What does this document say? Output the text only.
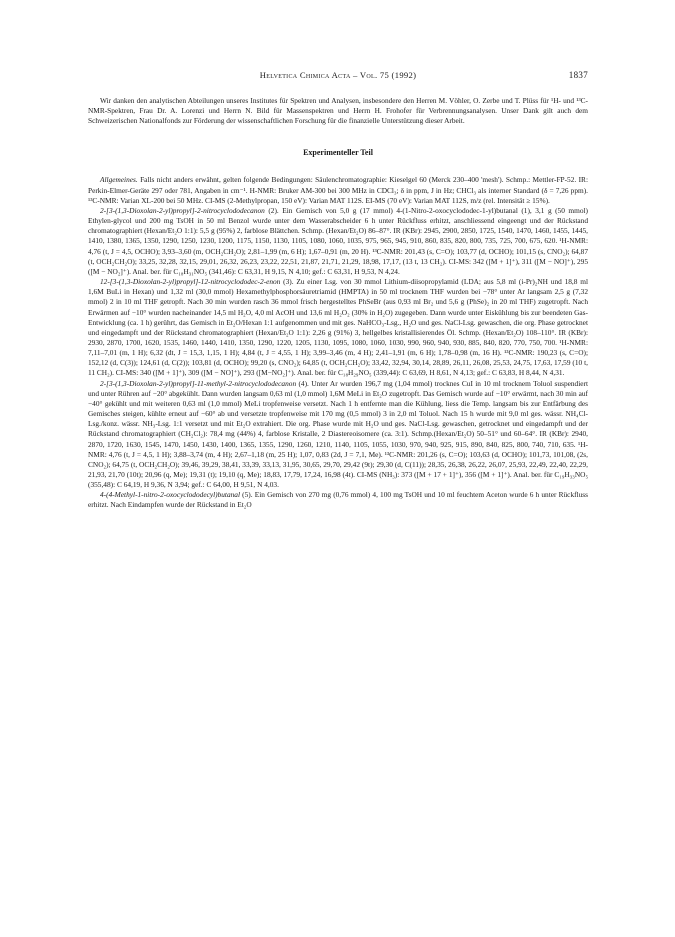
Helvetica Chimica Acta – Vol. 75 (1992)	1837

Wir danken den analytischen Abteilungen unseres Institutes für Spektren und Analysen, insbesondere den Herren M. Vöhler, O. Zerbe und T. Plüss für ¹H- und ¹³C-NMR-Spektren, Frau Dr. A. Lorenzi und Herrn N. Bild für Massenspektren und Herrn H. Frohofer für Verbrennungsanalysen. Unser Dank gilt auch dem Schweizerischen Nationalfonds zur Förderung der wissenschaftlichen Forschung für die finanzielle Unterstützung dieser Arbeit.

Experimenteller Teil

Allgemeines. Falls nicht anders erwähnt, gelten folgende Bedingungen: Säulenchromatographie: Kieselgel 60 (Merck 230–400 'mesh'). Schmp.: Mettler-FP-52. IR: Perkin-Elmer-Geräte 297 oder 781, Angaben in cm⁻¹. H-NMR: Bruker AM-300 bei 300 MHz in CDCl₃; δ in ppm, J in Hz; CHCl₃ als interner Standard (δ = 7,26 ppm). ¹³C-NMR: Varian XL-200 bei 50 MHz. CI-MS (2-Methylpropan, 150 eV): Varian MAT 112S. EI-MS (70 eV): Varian MAT 112S, m/z (rel. Intensität ≥ 15%).

2-[3-(1,3-Dioxolan-2-yl)propyl]-2-nitrocyclododecanon (2). Ein Gemisch von 5,0 g (17 mmol) 4-(1-Nitro-2-oxocyclododec-1-yl)butanal (1), 3,1 g (50 mmol) Ethylen-glycol und 200 mg TsOH in 50 ml Benzol wurde unter dem Wasserabscheider 6 h unter Rückfluss erhitzt, anschliessend eingeengt und der Rückstand chromatographiert (Hexan/Et₂O 1:1): 5,5 g (95%) 2, farblose Blättchen. Schmp. (Hexan/Et₂O) 86–87°. IR (KBr): 2945, 2900, 2850, 1725, 1540, 1470, 1460, 1455, 1445, 1410, 1380, 1365, 1350, 1290, 1250, 1230, 1200, 1175, 1150, 1130, 1105, 1080, 1060, 1035, 975, 965, 945, 910, 860, 835, 820, 800, 735, 725, 700, 675, 620. ¹H-NMR: 4,76 (t, J = 4,5, OCHO); 3,93–3,60 (m, OCH₂CH₂O); 2,81–1,99 (m, 6 H); 1,67–0,91 (m, 20 H). ¹³C-NMR: 201,43 (s, C=O); 103,77 (d, OCHO); 101,15 (s, CNO₂); 64,87 (t, OCH₂CH₂O); 33,25, 32,28, 32,15, 29,01, 26,32, 26,23, 23,22, 22,51, 21,87, 21,71, 21,29, 18,98, 17,17, (13 t, 13 CH₂). CI-MS: 342 ([M + 1]⁺), 311 ([M − NO]⁺), 295 ([M − NO₂]⁺). Anal. ber. für C₁₈H₃₁NO₅ (341,46): C 63,31, H 9,15, N 4,10; gef.: C 63,31, H 9,53, N 4,24.

12-[3-(1,3-Dioxolan-2-yl)propyl]-12-nitrocyclododec-2-enon (3). Zu einer Lsg. von 30 mmol Lithium-diisopropylamid (LDA; aus 5,8 ml (i-Pr)₂NH und 18,8 ml 1,6M BuLi in Hexan) und 1,32 ml (30,0 mmol) Hexamethylphosphorsäuretriamid (HMPTA) in 50 ml trocknem THF wurden bei −78° unter Ar langsam 2,5 g (7,32 mmol) 2 in 10 ml THF getropft. Nach 30 min wurden rasch 36 mmol frisch hergestelltes PhSeBr (aus 0,93 ml Br₂ und 5,6 g (PhSe)₂ in 20 ml THF) zugetropft. Nach Erwärmen auf −10° wurden nacheinander 14,5 ml H₂O, 4,0 ml AcOH und 13,6 ml H₂O₂ (30% in H₂O) zugegeben. Dann wurde unter Eiskühlung bis zur beendeten Gas-Entwicklung (ca. 1 h) gerührt, das Gemisch in Et₂O/Hexan 1:1 aufgenommen und mit ges. NaHCO₃-Lsg., H₂O und ges. NaCl-Lsg. gewaschen, die org. Phase getrocknet und eingedampft und der Rückstand chromatographiert (Hexan/Et₂O 1:1): 2,26 g (91%) 3, hellgelbes kristallisierendes Öl. Schmp. (Hexan/Et₂O) 108–110°. IR (KBr): 2930, 2870, 1700, 1620, 1535, 1460, 1440, 1410, 1350, 1290, 1220, 1205, 1130, 1095, 1080, 1060, 1030, 990, 960, 940, 930, 885, 840, 820, 770, 750, 700. ¹H-NMR: 7,11–7,01 (m, 1 H); 6,32 (dt, J = 15,3, 1,15, 1 H); 4,84 (t, J = 4,55, 1 H); 3,99–3,46 (m, 4 H); 2,41–1,91 (m, 6 H); 1,78–0,98 (m, 16 H). ¹³C-NMR: 190,23 (s, C=O); 152,12 (d, C(3)); 124,61 (d, C(2)); 103,81 (d, OCHO); 99,20 (s, CNO₂); 64,85 (t, OCH₂CH₂O); 33,42, 32,94, 30,14, 28,89, 26,11, 26,08, 25,53, 24,75, 17,63, 17,59 (10 t, 11 CH₂). CI-MS: 340 ([M + 1]⁺), 309 ([M − NO]⁺), 293 ([M−NO₂]⁺). Anal. ber. für C₁₈H₂₉NO₅ (339,44): C 63,69, H 8,61, N 4,13; gef.: C 63,83, H 8,44, N 4,31.

2-[3-(1,3-Dioxolan-2-yl)propyl]-11-methyl-2-nitrocyclododecanon (4). Unter Ar wurden 196,7 mg (1,04 mmol) trocknes CuI in 10 ml trocknem Toluol suspendiert und unter Rühren auf −20° abgekühlt. Dann wurden langsam 0,63 ml (1,0 mmol) 1,6M MeLi in Et₂O zugetropft. Das Gemisch wurde auf −10° erwärmt, nach 30 min auf −40° gekühlt und mit weiteren 0,63 ml (1,0 mmol) MeLi tropfenweise versetzt. Nach 1 h entfernte man die Kühlung, liess die Temp. langsam bis zur Entfärbung des Gemisches steigen, kühlte erneut auf −60° ab und versetzte tropfenweise mit 170 mg (0,5 mmol) 3 in 2,0 ml Toluol. Nach 15 h wurde mit 9,0 ml ges. wässr. NH₄Cl-Lsg./konz. wässr. NH₃-Lsg. 1:1 versetzt und mit Et₂O extrahiert. Die org. Phase wurde mit H₂O und ges. NaCl-Lsg. gewaschen, getrocknet und eingedampft und der Rückstand chromatographiert (CH₂Cl₂): 78,4 mg (44%) 4, farblose Kristalle, 2 Diastereoisomere (ca. 3:1). Schmp.(Hexan/Et₂O) 50–51° und 60–64°. IR (KBr): 2940, 2870, 1720, 1630, 1545, 1470, 1450, 1430, 1400, 1365, 1355, 1290, 1260, 1210, 1140, 1105, 1055, 1030, 970, 940, 925, 915, 890, 840, 825, 800, 740, 710, 635. ¹H-NMR: 4,76 (t, J = 4,5, 1 H); 3,88–3,74 (m, 4 H); 2,67–1,18 (m, 25 H); 1,07, 0,83 (2d, J = 7,1, Me). ¹³C-NMR: 201,26 (s, C=O); 103,63 (d, OCHO); 101,73, 101,08, (2s, CNO₂); 64,75 (t, OCH₂CH₂O); 39,46, 39,29, 38,41, 33,39, 33,13, 31,95, 30,65, 29,70, 29,42 (9t); 29,30 (d, C(11)); 28,35, 26,38, 26,22, 26,07, 25,93, 22,49, 22,40, 22,29, 21,93, 21,70 (10t); 20,96 (q, Me); 19,31 (t); 19,10 (q, Me); 18,83, 17,79, 17,24, 16,98 (4t). CI-MS (NH₃): 373 ([M + 17 + 1]⁺), 356 ([M + 1]⁺). Anal. ber. für C₁₉H₃₃NO₅ (355,48): C 64,19, H 9,36, N 3,94; gef.: C 64,00, H 9,51, N 4,03.

4-(4-Methyl-1-nitro-2-oxocyclododecyl)butanal (5). Ein Gemisch von 270 mg (0,76 mmol) 4, 100 mg TsOH und 10 ml feuchtem Aceton wurde 6 h unter Rückfluss erhitzt. Nach Eindampfen wurde der Rückstand in Et₂O
